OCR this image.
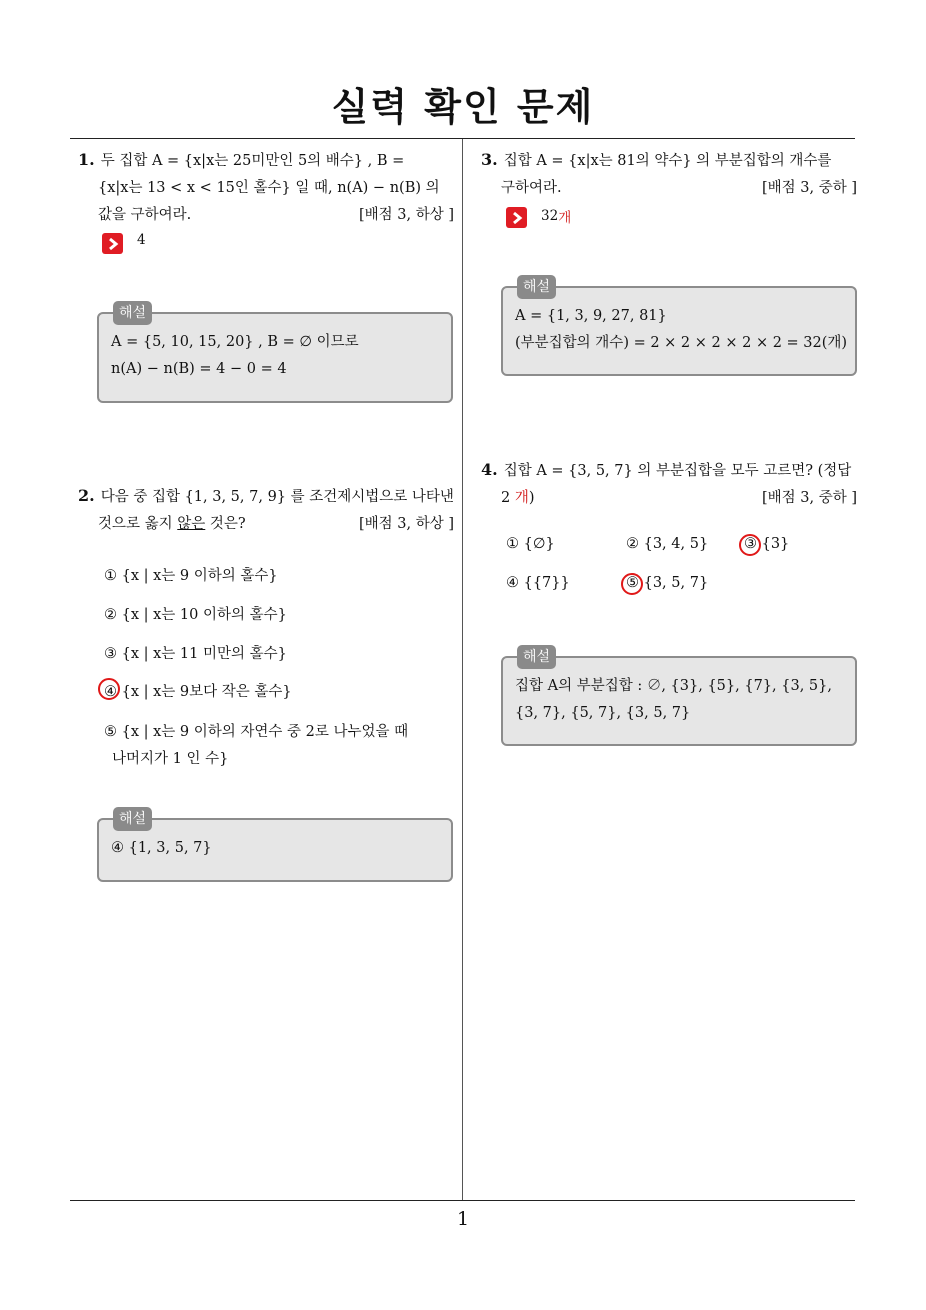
실력 확인 문제
1. 두 집합 A = {x|x는 25미만인 5의 배수} , B =
{x|x는 13 < x < 15인 홀수} 일 때, n(A) − n(B) 의
값을 구하여라.	[배점 3, 하상 ]
4
해설
A = {5, 10, 15, 20} , B = ∅ 이므로
n(A) − n(B) = 4 − 0 = 4
2. 다음 중 집합 {1, 3, 5, 7, 9} 를 조건제시법으로 나타낸
것으로 옳지 않은 것은?	[배점 3, 하상 ]
① {x | x는 9 이하의 홀수}
② {x | x는 10 이하의 홀수}
③ {x | x는 11 미만의 홀수}
④ {x | x는 9보다 작은 홀수}
⑤ {x | x는 9 이하의 자연수 중 2로 나누었을 때
나머지가 1 인 수}
해설
④ {1, 3, 5, 7}
3. 집합 A = {x|x는 81의 약수} 의 부분집합의 개수를
구하여라.	[배점 3, 중하 ]
32 개
해설
A = {1, 3, 9, 27, 81}
(부분집합의 개수) = 2 × 2 × 2 × 2 × 2 = 32(개)
4. 집합 A = {3, 5, 7} 의 부분집합을 모두 고르면? (정답
2 개)	[배점 3, 중하 ]
① {∅}	② {3, 4, 5} ③ {3}
④ {{7}}	⑤ {3, 5, 7}
해설
집합 A의 부분집합 : ∅, {3}, {5}, {7}, {3, 5},
{3, 7}, {5, 7}, {3, 5, 7}
1
